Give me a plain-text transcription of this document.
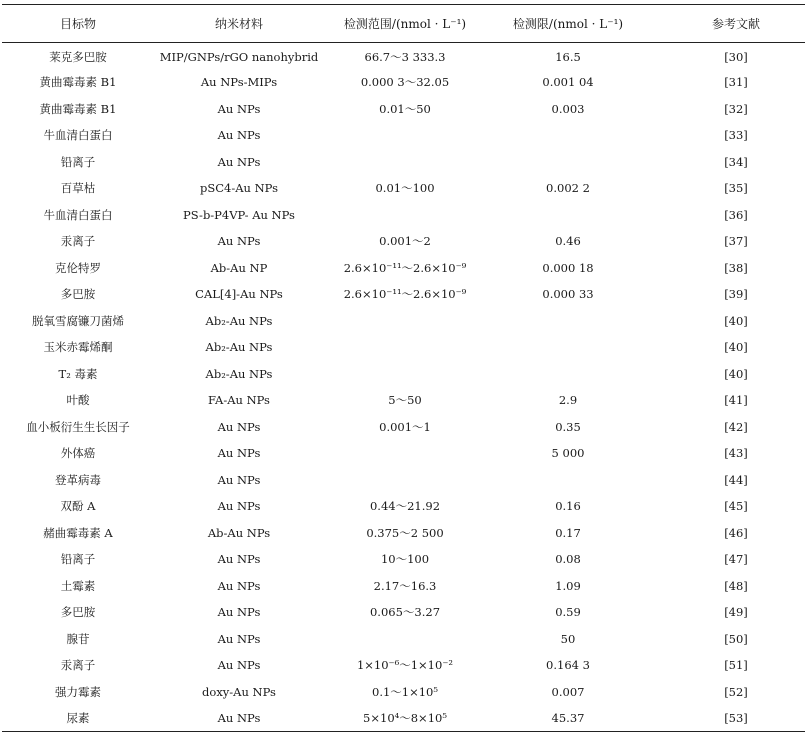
目标物	纳米材料	检测范围/(nmol · L⁻¹)	检测限/(nmol · L⁻¹)	参考文献
莱克多巴胺	MIP/GNPs/rGO nanohybrid	66.7～3 333.3	16.5	[30]
黄曲霉毒素 B1	Au NPs-MIPs	0.000 3～32.05	0.001 04	[31]
黄曲霉毒素 B1	Au NPs	0.01～50	0.003	[32]
牛血清白蛋白	Au NPs			[33]
铅离子	Au NPs			[34]
百草枯	pSC4-Au NPs	0.01～100	0.002 2	[35]
牛血清白蛋白	PS-b-P4VP- Au NPs			[36]
汞离子	Au NPs	0.001～2	0.46	[37]
克伦特罗	Ab-Au NP	2.6×10⁻¹¹～2.6×10⁻⁹	0.000 18	[38]
多巴胺	CAL[4]-Au NPs	2.6×10⁻¹¹～2.6×10⁻⁹	0.000 33	[39]
脱氧雪腐镰刀菌烯	Ab₂-Au NPs			[40]
玉米赤霉烯酮	Ab₂-Au NPs			[40]
T₂ 毒素	Ab₂-Au NPs			[40]
叶酸	FA-Au NPs	5～50	2.9	[41]
血小板衍生生长因子	Au NPs	0.001～1	0.35	[42]
外体癌	Au NPs		5 000	[43]
登革病毒	Au NPs			[44]
双酚 A	Au NPs	0.44～21.92	0.16	[45]
赭曲霉毒素 A	Ab-Au NPs	0.375～2 500	0.17	[46]
铅离子	Au NPs	10～100	0.08	[47]
土霉素	Au NPs	2.17～16.3	1.09	[48]
多巴胺	Au NPs	0.065～3.27	0.59	[49]
腺苷	Au NPs		50	[50]
汞离子	Au NPs	1×10⁻⁶～1×10⁻²	0.164 3	[51]
强力霉素	doxy-Au NPs	0.1～1×10⁵	0.007	[52]
尿素	Au NPs	5×10⁴～8×10⁵	45.37	[53]
